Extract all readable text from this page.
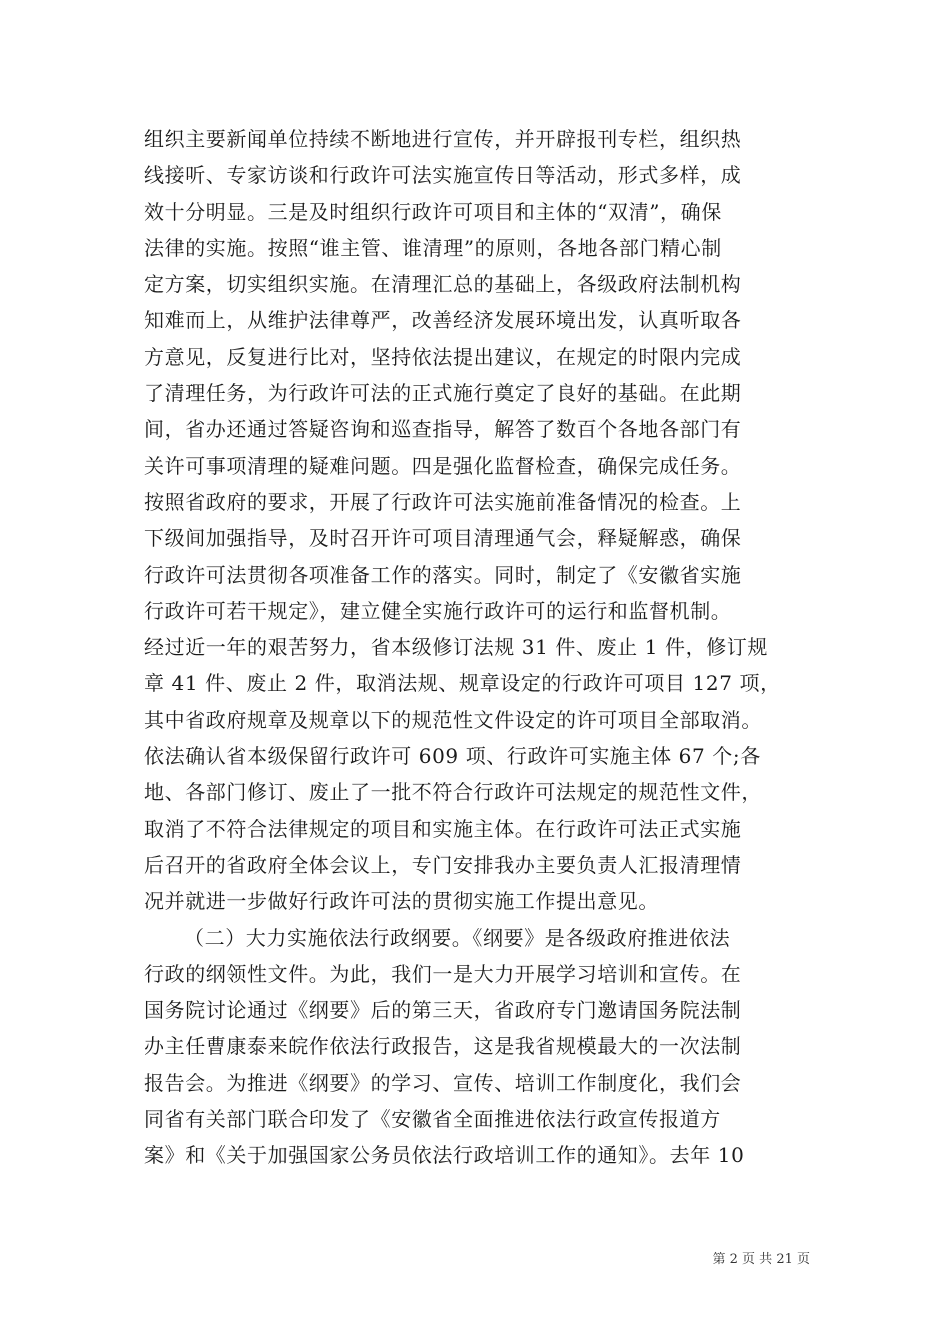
组织主要新闻单位持续不断地进行宣传，并开辟报刊专栏，组织热
线接听、专家访谈和行政许可法实施宣传日等活动，形式多样，成
效十分明显。三是及时组织行政许可项目和主体的“双清”，确保
法律的实施。按照“谁主管、谁清理”的原则，各地各部门精心制
定方案，切实组织实施。在清理汇总的基础上，各级政府法制机构
知难而上，从维护法律尊严，改善经济发展环境出发，认真听取各
方意见，反复进行比对，坚持依法提出建议，在规定的时限内完成
了清理任务，为行政许可法的正式施行奠定了良好的基础。在此期
间，省办还通过答疑咨询和巡查指导，解答了数百个各地各部门有
关许可事项清理的疑难问题。四是强化监督检查，确保完成任务。
按照省政府的要求，开展了行政许可法实施前准备情况的检查。上
下级间加强指导，及时召开许可项目清理通气会，释疑解惑，确保
行政许可法贯彻各项准备工作的落实。同时，制定了《安徽省实施
行政许可若干规定》，建立健全实施行政许可的运行和监督机制。
经过近一年的艰苦努力，省本级修订法规 31 件、废止 1 件，修订规
章 41 件、废止 2 件，取消法规、规章设定的行政许可项目 127 项，
其中省政府规章及规章以下的规范性文件设定的许可项目全部取消。
依法确认省本级保留行政许可 609 项、行政许可实施主体 67 个;各
地、各部门修订、废止了一批不符合行政许可法规定的规范性文件，
取消了不符合法律规定的项目和实施主体。在行政许可法正式实施
后召开的省政府全体会议上，专门安排我办主要负责人汇报清理情
况并就进一步做好行政许可法的贯彻实施工作提出意见。
（二）大力实施依法行政纲要。《纲要》是各级政府推进依法
行政的纲领性文件。为此，我们一是大力开展学习培训和宣传。在
国务院讨论通过《纲要》后的第三天，省政府专门邀请国务院法制
办主任曹康泰来皖作依法行政报告，这是我省规模最大的一次法制
报告会。为推进《纲要》的学习、宣传、培训工作制度化，我们会
同省有关部门联合印发了《安徽省全面推进依法行政宣传报道方
案》和《关于加强国家公务员依法行政培训工作的通知》。去年 10
第 2 页 共 21 页
